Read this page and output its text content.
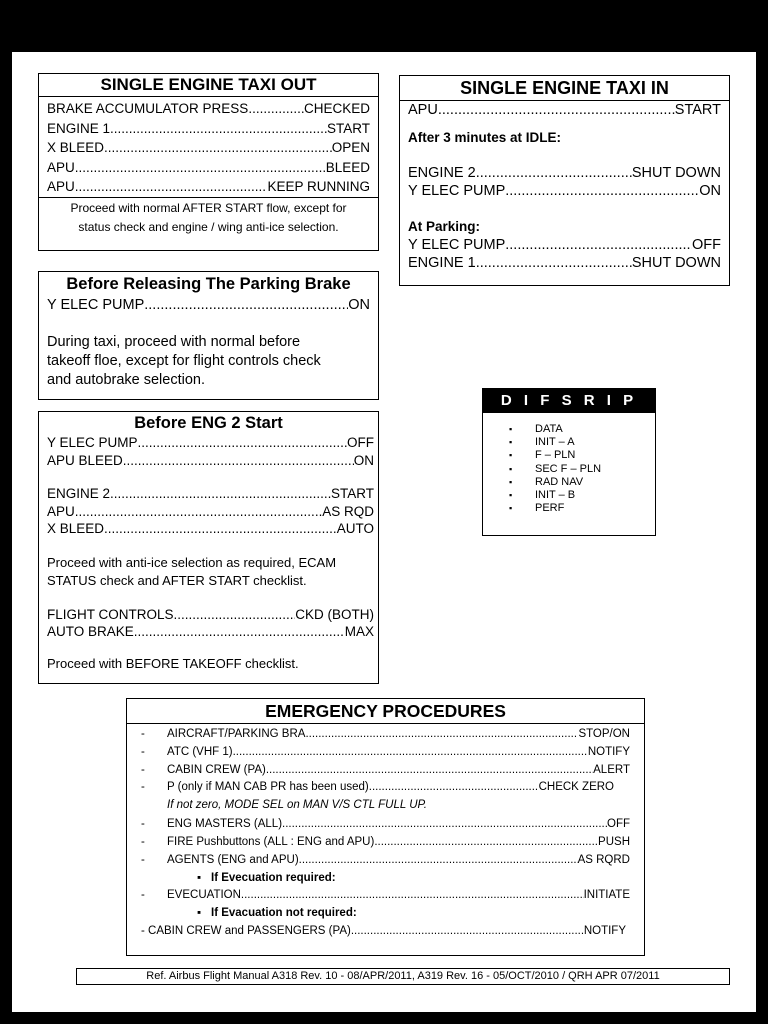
SINGLE ENGINE TAXI OUT
BRAKE ACCUMULATOR PRESS .....	CHECKED
ENGINE 1 .....	START
X BLEED .....	OPEN
APU .....	BLEED
APU .....	KEEP RUNNING
Proceed with normal AFTER START flow, except for
status check and engine / wing anti-ice selection.
SINGLE ENGINE TAXI IN
APU .....	START
After 3 minutes at IDLE:
ENGINE 2 .....	SHUT DOWN
Y ELEC PUMP .....	ON
At Parking:
Y ELEC PUMP .....	OFF
ENGINE 1 .....	SHUT DOWN
Before Releasing The Parking Brake
Y ELEC PUMP .....	ON
During taxi, proceed with normal before
takeoff floe, except for flight controls check
and autobrake selection.
Before ENG 2 Start
Y ELEC PUMP .....	OFF
APU BLEED .....	ON
ENGINE 2 .....	START
APU .....	AS RQD
X BLEED .....	AUTO
Proceed with anti-ice selection as required, ECAM
STATUS check and AFTER START checklist.
FLIGHT CONTROLS .....	CKD (BOTH)
AUTO BRAKE .....	MAX
Proceed with BEFORE TAKEOFF checklist.
D I F S R I P
▪ DATA
▪ INIT – A
▪ F – PLN
▪ SEC F – PLN
▪ RAD NAV
▪ INIT – B
▪ PERF
EMERGENCY PROCEDURES
-	AIRCRAFT/PARKING BRA .....	STOP/ON
-	ATC (VHF 1) .....	NOTIFY
-	CABIN CREW (PA) .....	ALERT
-	P (only if MAN CAB PR has been used) .....	CHECK ZERO
If not zero, MODE SEL on MAN V/S CTL FULL UP.
-	ENG MASTERS (ALL) .....	OFF
-	FIRE Pushbuttons (ALL : ENG and APU) .....	PUSH
-	AGENTS (ENG and APU) .....	AS RQRD
▪ If Evecuation required:
-	EVECUATION .....	INITIATE
▪ If Evacuation not required:
- CABIN CREW and PASSENGERS (PA) .....	NOTIFY
Ref. Airbus Flight Manual A318 Rev. 10 - 08/APR/2011, A319 Rev. 16 - 05/OCT/2010 / QRH APR 07/2011
